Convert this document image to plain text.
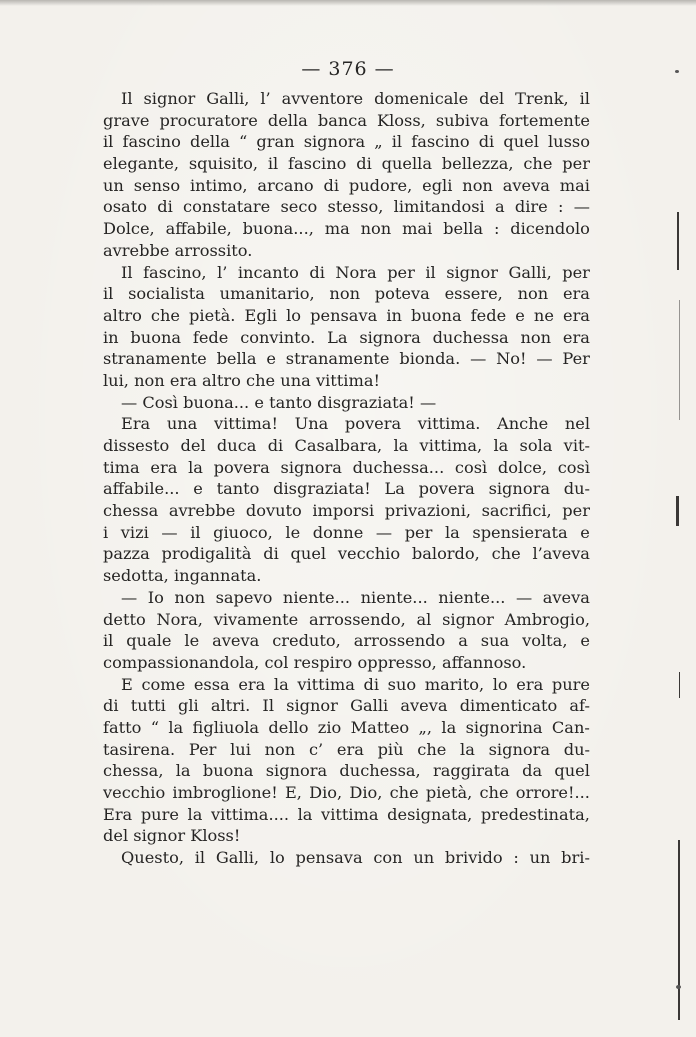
— 376 —
Il signor Galli, l’ avventore domenicale del Trenk, il
grave procuratore della banca Kloss, subiva fortemente
il fascino della “ gran signora „ il fascino di quel lusso
elegante, squisito, il fascino di quella bellezza, che per
un senso intimo, arcano di pudore, egli non aveva mai
osato di constatare seco stesso, limitandosi a dire : —
Dolce, affabile, buona..., ma non mai bella : dicendolo
avrebbe arrossito.
Il fascino, l’ incanto di Nora per il signor Galli, per
il socialista umanitario, non poteva essere, non era
altro che pietà. Egli lo pensava in buona fede e ne era
in buona fede convinto. La signora duchessa non era
stranamente bella e stranamente bionda. — No! — Per
lui, non era altro che una vittima!
— Così buona... e tanto disgraziata! —
Era una vittima! Una povera vittima. Anche nel
dissesto del duca di Casalbara, la vittima, la sola vit-
tima era la povera signora duchessa... così dolce, così
affabile... e tanto disgraziata! La povera signora du-
chessa avrebbe dovuto imporsi privazioni, sacrifici, per
i vizi — il giuoco, le donne — per la spensierata e
pazza prodigalità di quel vecchio balordo, che l’aveva
sedotta, ingannata.
— Io non sapevo niente... niente... niente... — aveva
detto Nora, vivamente arrossendo, al signor Ambrogio,
il quale le aveva creduto, arrossendo a sua volta, e
compassionandola, col respiro oppresso, affannoso.
E come essa era la vittima di suo marito, lo era pure
di tutti gli altri. Il signor Galli aveva dimenticato af-
fatto “ la figliuola dello zio Matteo „, la signorina Can-
tasirena. Per lui non c’ era più che la signora du-
chessa, la buona signora duchessa, raggirata da quel
vecchio imbroglione! E, Dio, Dio, che pietà, che orrore!...
Era pure la vittima.... la vittima designata, predestinata,
del signor Kloss!
Questo, il Galli, lo pensava con un brivido : un bri-
